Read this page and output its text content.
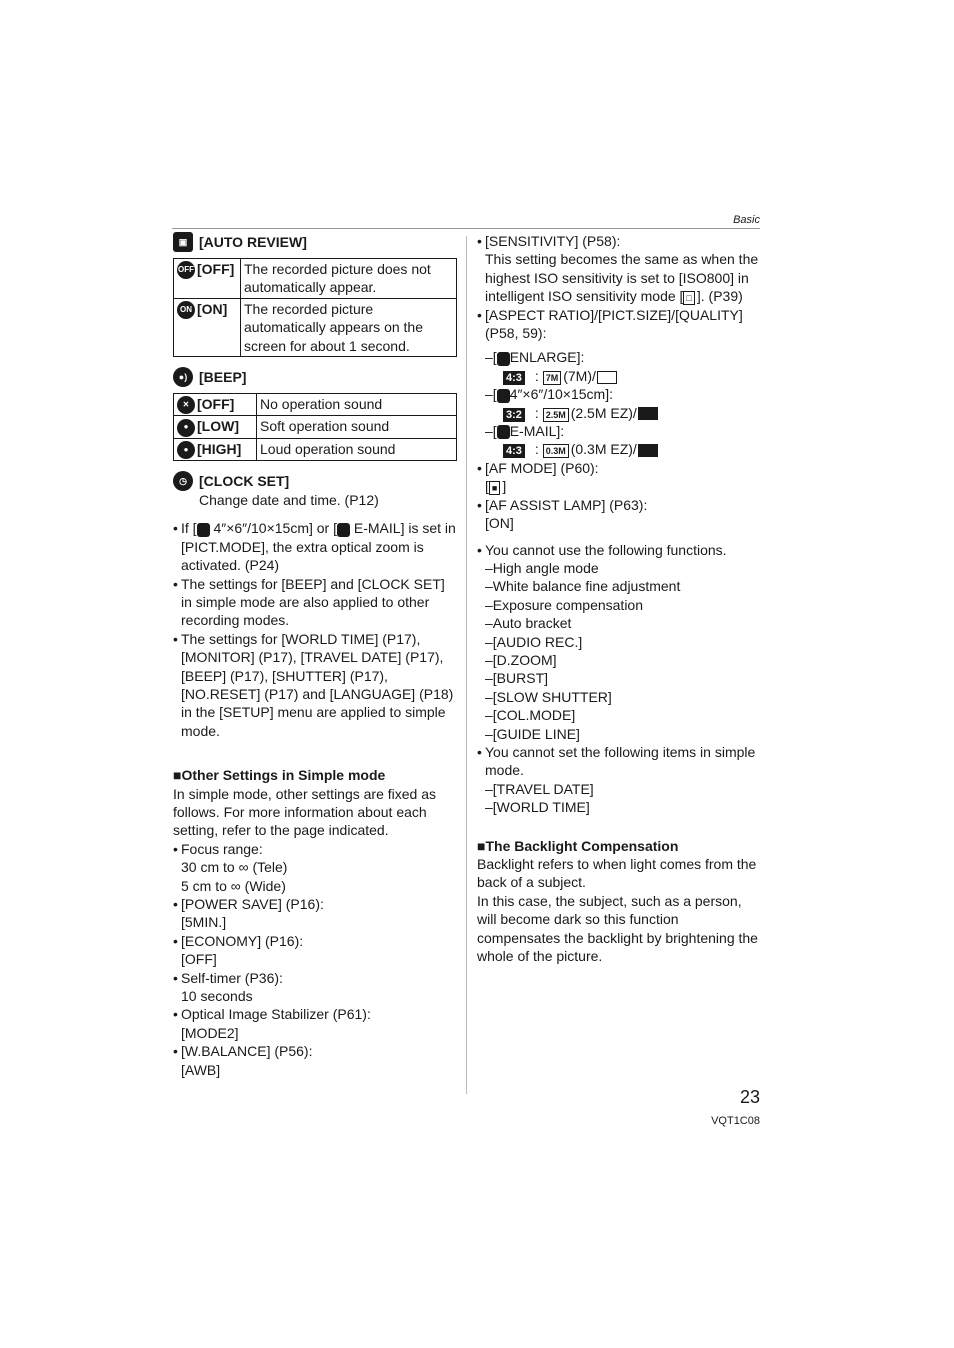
Basic
▣ [AUTO REVIEW]
OFF [OFF]	The recorded picture does not automatically appear.
ON [ON]	The recorded picture automatically appears on the screen for about 1 second.
●) [BEEP]
✕ [OFF]	No operation sound
● [LOW]	Soft operation sound
● [HIGH]	Loud operation sound
◷ [CLOCK SET]
Change date and time. (P12)
• If [ 4″×6″/10×15cm] or [ E-MAIL] is set in [PICT.MODE], the extra optical zoom is activated. (P24)
• The settings for [BEEP] and [CLOCK SET] in simple mode are also applied to other recording modes.
• The settings for [WORLD TIME] (P17), [MONITOR] (P17), [TRAVEL DATE] (P17), [BEEP] (P17), [SHUTTER] (P17), [NO.RESET] (P17) and [LANGUAGE] (P18) in the [SETUP] menu are applied to simple mode.
■ Other Settings in Simple mode
In simple mode, other settings are fixed as follows. For more information about each setting, refer to the page indicated.
• Focus range:
30 cm to ∞ (Tele)
5 cm to ∞ (Wide)
• [POWER SAVE] (P16):
[5MIN.]
• [ECONOMY] (P16):
[OFF]
• Self-timer (P36):
10 seconds
• Optical Image Stabilizer (P61):
[MODE2]
• [W.BALANCE] (P56):
[AWB]
• [SENSITIVITY] (P58):
This setting becomes the same as when the highest ISO sensitivity is set to [ISO800] in intelligent ISO sensitivity mode [ □ ]. (P39)
• [ASPECT RATIO]/[PICT.SIZE]/[QUALITY] (P58, 59):
– [ ENLARGE]:
4:3 : 7M (7M)/
– [ 4″×6″/10×15cm]:
3:2 : 2.5M (2.5M EZ)/
– [ E-MAIL]:
4:3 : 0.3M (0.3M EZ)/
• [AF MODE] (P60):
[ ■ ]
• [AF ASSIST LAMP] (P63):
[ON]
• You cannot use the following functions.
– High angle mode
– White balance fine adjustment
– Exposure compensation
– Auto bracket
– [AUDIO REC.]
– [D.ZOOM]
– [BURST]
– [SLOW SHUTTER]
– [COL.MODE]
– [GUIDE LINE]
• You cannot set the following items in simple mode.
– [TRAVEL DATE]
– [WORLD TIME]
■ The Backlight Compensation
Backlight refers to when light comes from the back of a subject.
In this case, the subject, such as a person, will become dark so this function compensates the backlight by brightening the whole of the picture.
23
VQT1C08
